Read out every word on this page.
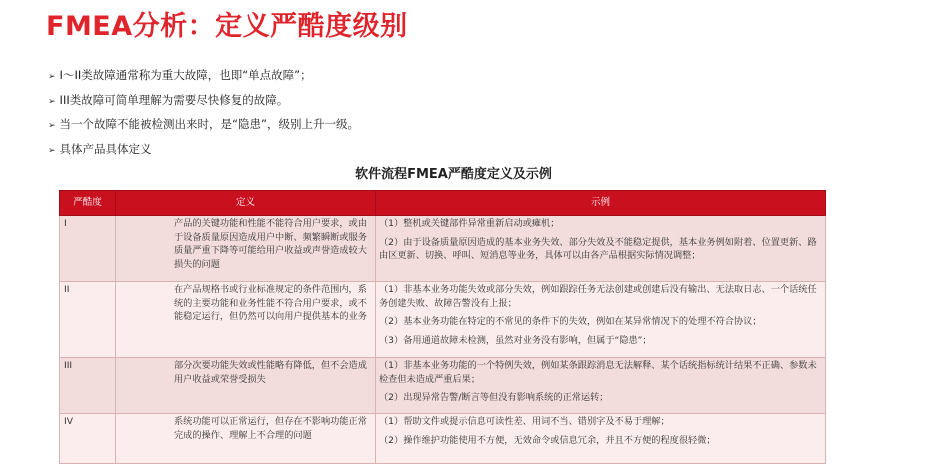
FMEA分析：定义严酷度级别
➢ I～II类故障通常称为重大故障，也即“单点故障”；
➢ III类故障可简单理解为需要尽快修复的故障。
➢ 当一个故障不能被检测出来时，是“隐患”，级别上升一级。
➢ 具体产品具体定义
软件流程FMEA严酷度定义及示例
严酷度	定义	示例
I	产品的关键功能和性能不能符合用户要求，或由于设备质量原因造成用户中断、频繁瞬断或服务质量严重下降等可能给用户收益或声誉造成较大损失的问题	（1）整机或关键部件异常重新启动或瘫机；
（2）由于设备质量原因造成的基本业务失效、部分失效及不能稳定提供，基本业务例如附着、位置更新、路由区更新、切换、呼叫、短消息等业务，具体可以由各产品根据实际情况调整；

II	在产品规格书或行业标准规定的条件范围内，系统的主要功能和业务性能不符合用户要求，或不能稳定运行，但仍然可以向用户提供基本的业务	（1）非基本业务功能失效或部分失效，例如跟踪任务无法创建或创建后没有输出、无法取日志、一个话统任务创建失败、故障告警没有上报；
（2）基本业务功能在特定的不常见的条件下的失效，例如在某异常情况下的处理不符合协议；
（3）备用通道故障未检测，虽然对业务没有影响，但属于“隐患”；

III	部分次要功能失效或性能略有降低，但不会造成用户收益或荣誉受损失	（1）非基本业务功能的一个特例失效，例如某条跟踪消息无法解释、某个话统指标统计结果不正确、参数未检查但未造成严重后果；
（2）出现异常告警/断言等但没有影响系统的正常运转；

IV	系统功能可以正常运行，但存在不影响功能正常完成的操作、理解上不合理的问题	（1）帮助文件或提示信息可读性差、用词不当、错别字及不易于理解；
（2）操作维护功能使用不方便，无效命令或信息冗余，并且不方便的程度很轻微；
